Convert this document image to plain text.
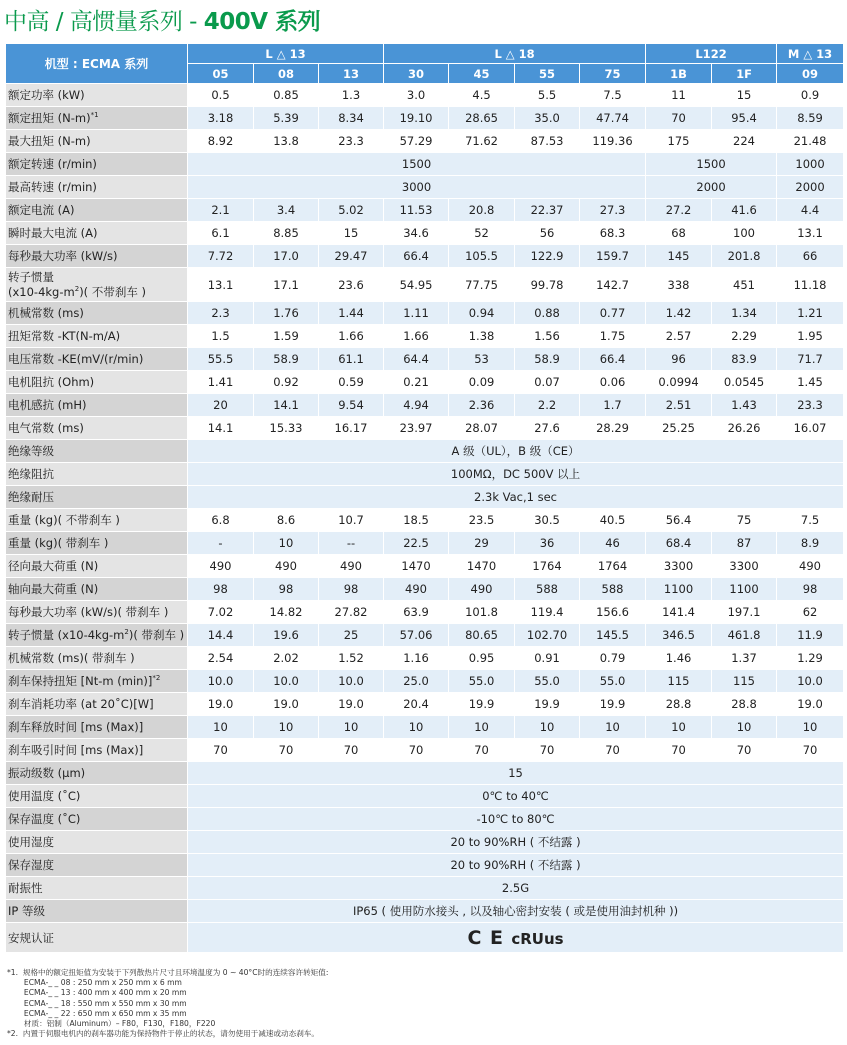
中高 / 高惯量系列 - 400V 系列
机型 : ECMA 系列	L △ 13			L △ 18				L122		M △ 13
	05	08	13	30	45	55	75	1B	1F	09
额定功率 (kW)	0.5	0.85	1.3	3.0	4.5	5.5	7.5	11	15	0.9
额定扭矩 $(N-m)^{*1}$	3.18	5.39	8.34	19.10	28.65	35.0	47.74	70	95.4	8.59
最大扭矩 (N-m)	8.92	13.8	23.3	57.29	71.62	87.53	119.36	175	224	21.48
额定转速 (r/min)	1500							1500		1000
最高转速 (r/min)	3000							2000		2000
额定电流 (A)	2.1	3.4	5.02	11.53	20.8	22.37	27.3	27.2	41.6	4.4
瞬时最大电流 (A)	6.1	8.85	15	34.6	52	56	68.3	68	100	13.1
每秒最大功率 (kW/s)	7.72	17.0	29.47	66.4	105.5	122.9	159.7	145	201.8	66

转子惯量
$(x10-4kg-m^2)$( 不带刹车 )	13.1	17.1	23.6	54.95	77.75	99.78	142.7	338	451	11.18
机械常数 (ms)	2.3	1.76	1.44	1.11	0.94	0.88	0.77	1.42	1.34	1.21
扭矩常数 -KT(N-m/A)	1.5	1.59	1.66	1.66	1.38	1.56	1.75	2.57	2.29	1.95
电压常数 -KE(mV/(r/min)	55.5	58.9	61.1	64.4	53	58.9	66.4	96	83.9	71.7
电机阻抗 (Ohm)	1.41	0.92	0.59	0.21	0.09	0.07	0.06	0.0994	0.0545	1.45
电机感抗 (mH)	20	14.1	9.54	4.94	2.36	2.2	1.7	2.51	1.43	23.3
电气常数 (ms)	14.1	15.33	16.17	23.97	28.07	27.6	28.29	25.25	26.26	16.07
绝缘等级	A 级（UL），B 级（CE）									
绝缘阻抗	100MΩ，DC 500V 以上									
绝缘耐压	2.3k Vac,1 sec									
重量 (kg)( 不带刹车 )	6.8	8.6	10.7	18.5	23.5	30.5	40.5	56.4	75	7.5
重量 (kg)( 带刹车 )	-	10	--	22.5	29	36	46	68.4	87	8.9
径向最大荷重 (N)	490	490	490	1470	1470	1764	1764	3300	3300	490
轴向最大荷重 (N)	98	98	98	490	490	588	588	1100	1100	98
每秒最大功率 (kW/s)( 带刹车 )	7.02	14.82	27.82	63.9	101.8	119.4	156.6	141.4	197.1	62
转子惯量 $(x10-4kg-m^2)$( 带刹车 )	14.4	19.6	25	57.06	80.65	102.70	145.5	346.5	461.8	11.9
机械常数 (ms)( 带刹车 )	2.54	2.02	1.52	1.16	0.95	0.91	0.79	1.46	1.37	1.29
刹车保持扭矩 [Nt-m (min)]$^{*2}$	10.0	10.0	10.0	25.0	55.0	55.0	55.0	115	115	10.0
刹车消耗功率 (at 20˚C)[W]	19.0	19.0	19.0	20.4	19.9	19.9	19.9	28.8	28.8	19.0
刹车释放时间 [ms (Max)]	10	10	10	10	10	10	10	10	10	10
刹车吸引时间 [ms (Max)]	70	70	70	70	70	70	70	70	70	70
振动级数 (μm)	15									
使用温度 (˚C)	0℃ to 40℃									
保存温度 (˚C)	-10℃ to 80℃									
使用湿度	20 to 90%RH ( 不结露 )									
保存湿度	20 to 90%RH ( 不结露 )									
耐振性	2.5G									
IP 等级	IP65 ( 使用防水接头 , 以及轴心密封安装 ( 或是使用油封机种 ))									
安规认证	C E cRUus									
*1.  规格中的额定扭矩值为安装于下列散热片尺寸且环境温度为 0 ~ 40°C时的连续容许转矩值:
ECMA-_ _ 08 : 250 mm x 250 mm x 6 mm
ECMA-_ _ 13 : 400 mm x 400 mm x 20 mm
ECMA-_ _ 18 : 550 mm x 550 mm x 30 mm
ECMA-_ _ 22 : 650 mm x 650 mm x 35 mm
材质：铝制（Aluminum）– F80，F130，F180，F220
*2.  内置于伺服电机内的刹车器功能为保持物件于停止的状态，请勿使用于减速或动态刹车。
